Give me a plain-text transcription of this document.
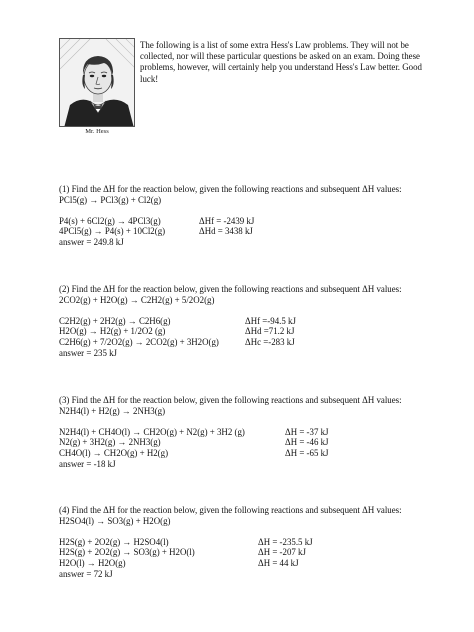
Mr. Hess
The following is a list of some extra Hess's Law problems. They will not be collected, nor will these particular questions be asked on an exam. Doing these problems, however, will certainly help you understand Hess's Law better. Good luck!
(1) Find the ΔH for the reaction below, given the following reactions and subsequent ΔH values:
PCl5(g) → PCl3(g) + Cl2(g)
P4(s) + 6Cl2(g) → 4PCl3(g)	ΔHf = -2439 kJ
4PCl5(g) → P4(s) + 10Cl2(g)	ΔHd = 3438 kJ
answer = 249.8 kJ
(2) Find the ΔH for the reaction below, given the following reactions and subsequent ΔH values:
2CO2(g) + H2O(g) → C2H2(g) + 5/2O2(g)
C2H2(g) + 2H2(g) → C2H6(g)	ΔHf =-94.5 kJ
H2O(g) → H2(g) + 1/2O2 (g)	ΔHd =71.2 kJ
C2H6(g) + 7/2O2(g) → 2CO2(g) + 3H2O(g)	ΔHc =-283 kJ
answer = 235 kJ
(3) Find the ΔH for the reaction below, given the following reactions and subsequent ΔH values:
N2H4(l) + H2(g) → 2NH3(g)
N2H4(l) + CH4O(l) → CH2O(g) + N2(g) + 3H2 (g)	ΔH = -37 kJ
N2(g) + 3H2(g) → 2NH3(g)	ΔH = -46 kJ
CH4O(l) → CH2O(g) + H2(g)	ΔH = -65 kJ
answer = -18 kJ
(4) Find the ΔH for the reaction below, given the following reactions and subsequent ΔH values:
H2SO4(l) → SO3(g) + H2O(g)
H2S(g) + 2O2(g) → H2SO4(l)	ΔH = -235.5 kJ
H2S(g) + 2O2(g) → SO3(g) + H2O(l)	ΔH = -207 kJ
H2O(l) → H2O(g)	ΔH = 44 kJ
answer = 72 kJ
